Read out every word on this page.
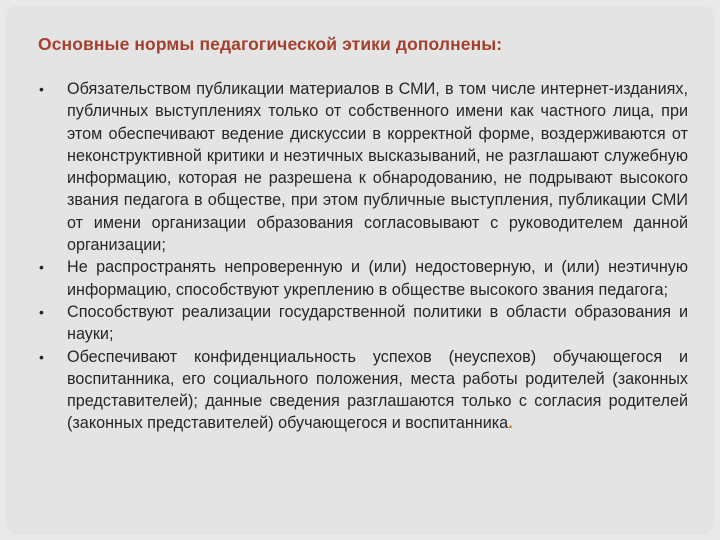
Основные нормы педагогической этики дополнены:
• Обязательством публикации материалов в СМИ, в том числе интернет-изданиях, публичных выступлениях только от собственного имени как частного лица, при этом обеспечивают ведение дискуссии в корректной форме, воздерживаются от неконструктивной критики и неэтичных высказываний, не разглашают служебную информацию, которая не разрешена к обнародованию, не подрывают высокого звания педагога в обществе, при этом публичные выступления, публикации СМИ от имени организации образования согласовывают с руководителем данной организации;
• Не распространять непроверенную и (или) недостоверную, и (или) неэтичную информацию, способствуют укреплению в обществе высокого звания педагога;
• Способствуют реализации государственной политики в области образования и науки;
• Обеспечивают конфиденциальность успехов (неуспехов) обучающегося и воспитанника, его социального положения, места работы родителей (законных представителей); данные сведения разглашаются только с согласия родителей (законных представителей) обучающегося и воспитанника.
